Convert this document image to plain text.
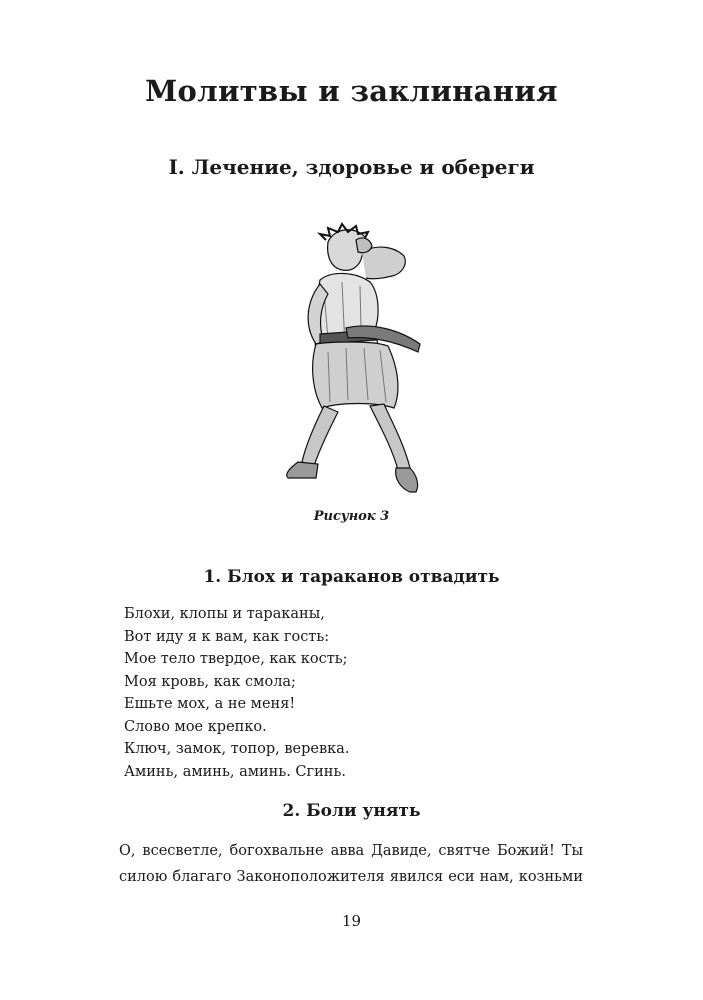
Молитвы и заклинания
I. Лечение, здоровье и обереги
Рисунок 3
1. Блох и тараканов отвадить
Блохи, клопы и тараканы,
Вот иду я к вам, как гость:
Мое тело твердое, как кость;
Моя кровь, как смола;
Ешьте мох, а не меня!
Слово мое крепко.
Ключ, замок, топор, веревка.
Аминь, аминь, аминь. Сгинь.
2. Боли унять
О, всесветле, богохвальне авва Давиде, святче Божий! Ты
силою благаго Законоположителя явился еси нам, козньми
19
